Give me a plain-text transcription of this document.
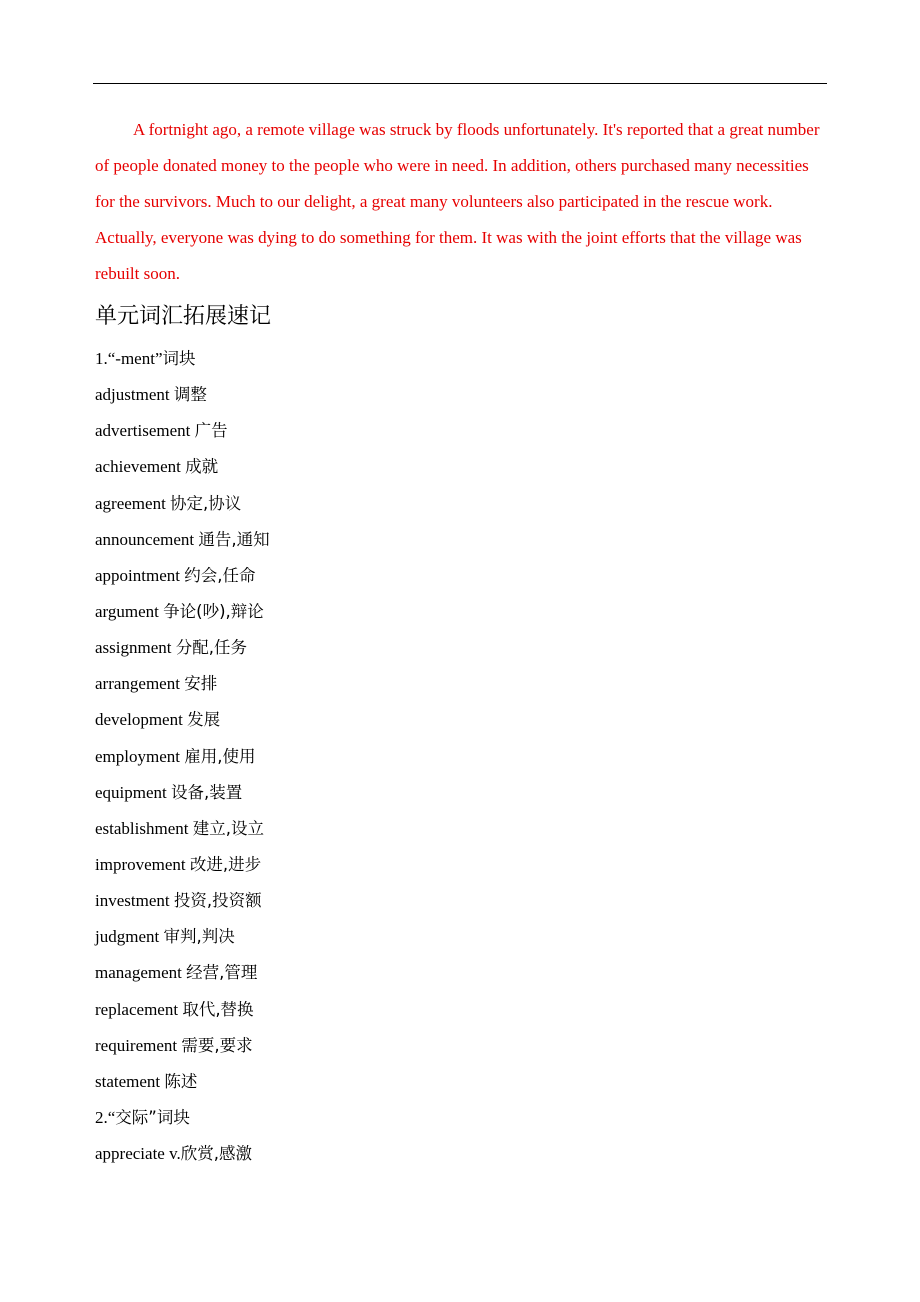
A fortnight ago, a remote village was struck by floods unfortunately. It's reported that a great number of people donated money to the people who were in need. In addition, others purchased many necessities for the survivors. Much to our delight, a great many volunteers also participated in the rescue work. Actually, everyone was dying to do something for them. It was with the joint efforts that the village was rebuilt soon.

单元词汇拓展速记
1.“-ment”词块
adjustment 调整
advertisement 广告
achievement 成就
agreement 协定,协议
announcement 通告,通知
appointment 约会,任命
argument 争论(吵),辩论
assignment 分配,任务
arrangement 安排
development 发展
employment 雇用,使用
equipment 设备,装置
establishment 建立,设立
improvement 改进,进步
investment 投资,投资额
judgment 审判,判决
management 经营,管理
replacement 取代,替换
requirement 需要,要求
statement 陈述
2.“交际”词块
appreciate v.欣赏,感激
